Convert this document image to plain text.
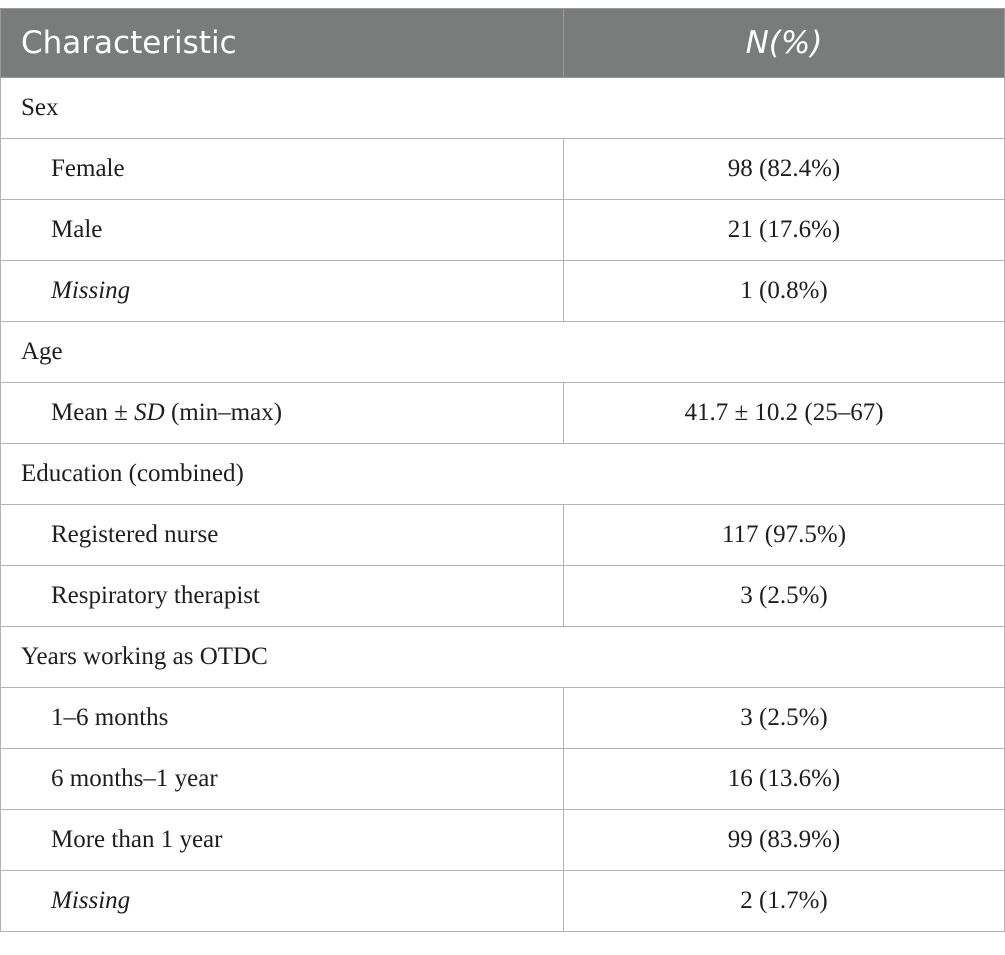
Characteristic	N(%)
Sex	
Female	98 (82.4%)
Male	21 (17.6%)
Missing	1 (0.8%)
Age	
Mean ± SD (min–max)	41.7 ± 10.2 (25–67)
Education (combined)	
Registered nurse	117 (97.5%)
Respiratory therapist	3 (2.5%)
Years working as OTDC	
1–6 months	3 (2.5%)
6 months–1 year	16 (13.6%)
More than 1 year	99 (83.9%)
Missing	2 (1.7%)
